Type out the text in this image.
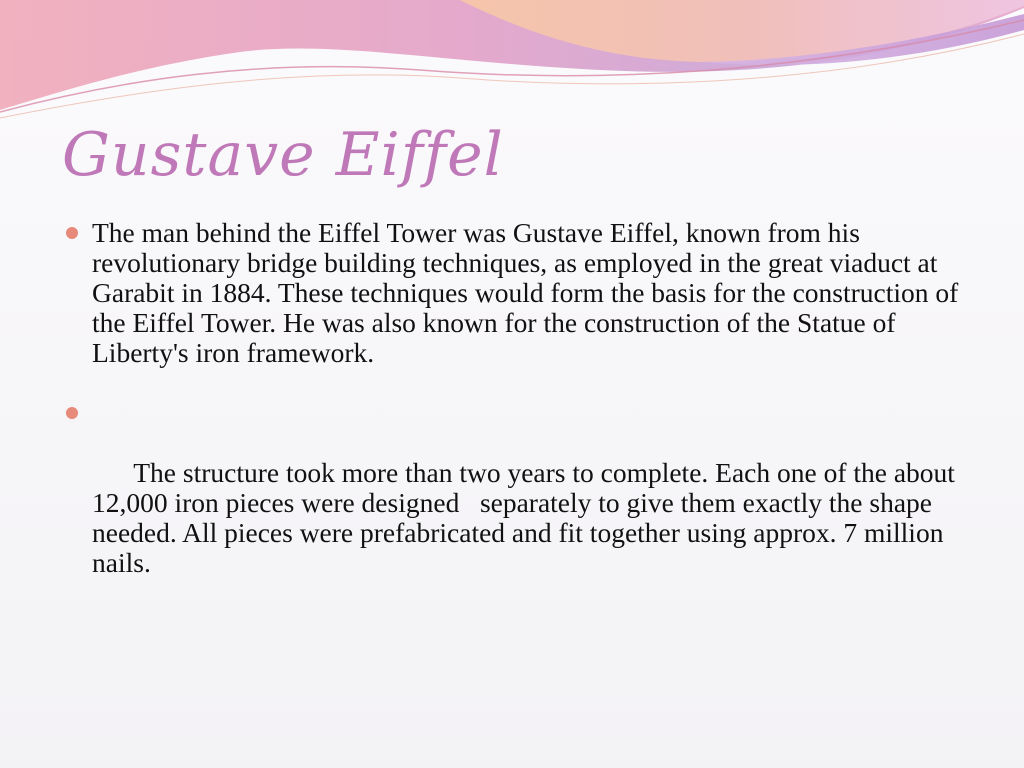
Gustave Eiffel
The man behind the Eiffel Tower was Gustave Eiffel, known from his revolutionary bridge building techniques, as employed in the great viaduct at Garabit in 1884. These techniques would form the basis for the construction of the Eiffel Tower. He was also known for the construction of the Statue of Liberty's iron framework.

The structure took more than two years to complete. Each one of the about 12,000 iron pieces were designed   separately to give them exactly the shape needed. All pieces were prefabricated and fit together using approx. 7 million nails.
